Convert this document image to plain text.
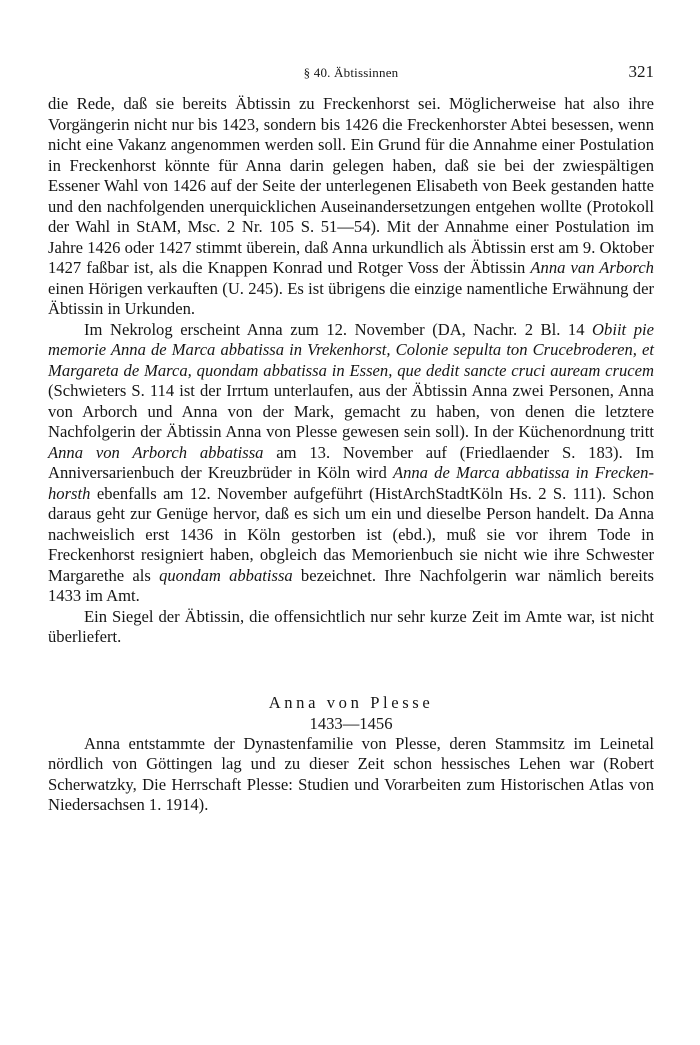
§ 40. Äbtissinnen	321

die Rede, daß sie bereits Äbtissin zu Freckenhorst sei. Möglicherweise hat also ihre Vorgängerin nicht nur bis 1423, sondern bis 1426 die Freckenhorster Abtei besessen, wenn nicht eine Vakanz angenommen werden soll. Ein Grund für die Annahme einer Postulation in Freckenhorst könnte für Anna darin gelegen haben, daß sie bei der zwiespältigen Essener Wahl von 1426 auf der Seite der unterlegenen Elisabeth von Beek gestanden hatte und den nachfolgenden unerquicklichen Auseinandersetzungen entgehen wollte (Protokoll der Wahl in StAM, Msc. 2 Nr. 105 S. 51—54). Mit der Annahme einer Postulation im Jahre 1426 oder 1427 stimmt überein, daß Anna urkundlich als Äbtissin erst am 9. Oktober 1427 faßbar ist, als die Knappen Konrad und Rotger Voss der Äbtissin Anna van Arborch einen Hörigen verkauften (U. 245). Es ist übrigens die einzige namentliche Erwähnung der Äbtissin in Urkunden.

Im Nekrolog erscheint Anna zum 12. November (DA, Nachr. 2 Bl. 14 Obiit pie memorie Anna de Marca abbatissa in Vrekenhorst, Colonie sepulta ton Crucebroderen, et Margareta de Marca, quondam abbatissa in Essen, que dedit sancte cruci auream crucem (Schwieters S. 114 ist der Irrtum unterlaufen, aus der Äbtissin Anna zwei Personen, Anna von Arborch und Anna von der Mark, gemacht zu haben, von denen die letztere Nachfolgerin der Äbtissin Anna von Plesse gewesen sein soll). In der Küchenordnung tritt Anna von Arborch abbatissa am 13. November auf (Friedlaender S. 183). Im Anniversarienbuch der Kreuzbrüder in Köln wird Anna de Marca abbatissa in Freckenhorsth ebenfalls am 12. November aufgeführt (HistArchStadtKöln Hs. 2 S. 111). Schon daraus geht zur Genüge hervor, daß es sich um ein und dieselbe Person handelt. Da Anna nachweislich erst 1436 in Köln gestorben ist (ebd.), muß sie vor ihrem Tode in Freckenhorst resigniert haben, obgleich das Memorienbuch sie nicht wie ihre Schwester Margarethe als quondam abbatissa bezeichnet. Ihre Nachfolgerin war nämlich bereits 1433 im Amt.

Ein Siegel der Äbtissin, die offensichtlich nur sehr kurze Zeit im Amte war, ist nicht überliefert.

Anna von Plesse
1433—1456

Anna entstammte der Dynastenfamilie von Plesse, deren Stammsitz im Leinetal nördlich von Göttingen lag und zu dieser Zeit schon hessisches Lehen war (Robert Scherwatzky, Die Herrschaft Plesse: Studien und Vorarbeiten zum Historischen Atlas von Niedersachsen 1. 1914).
